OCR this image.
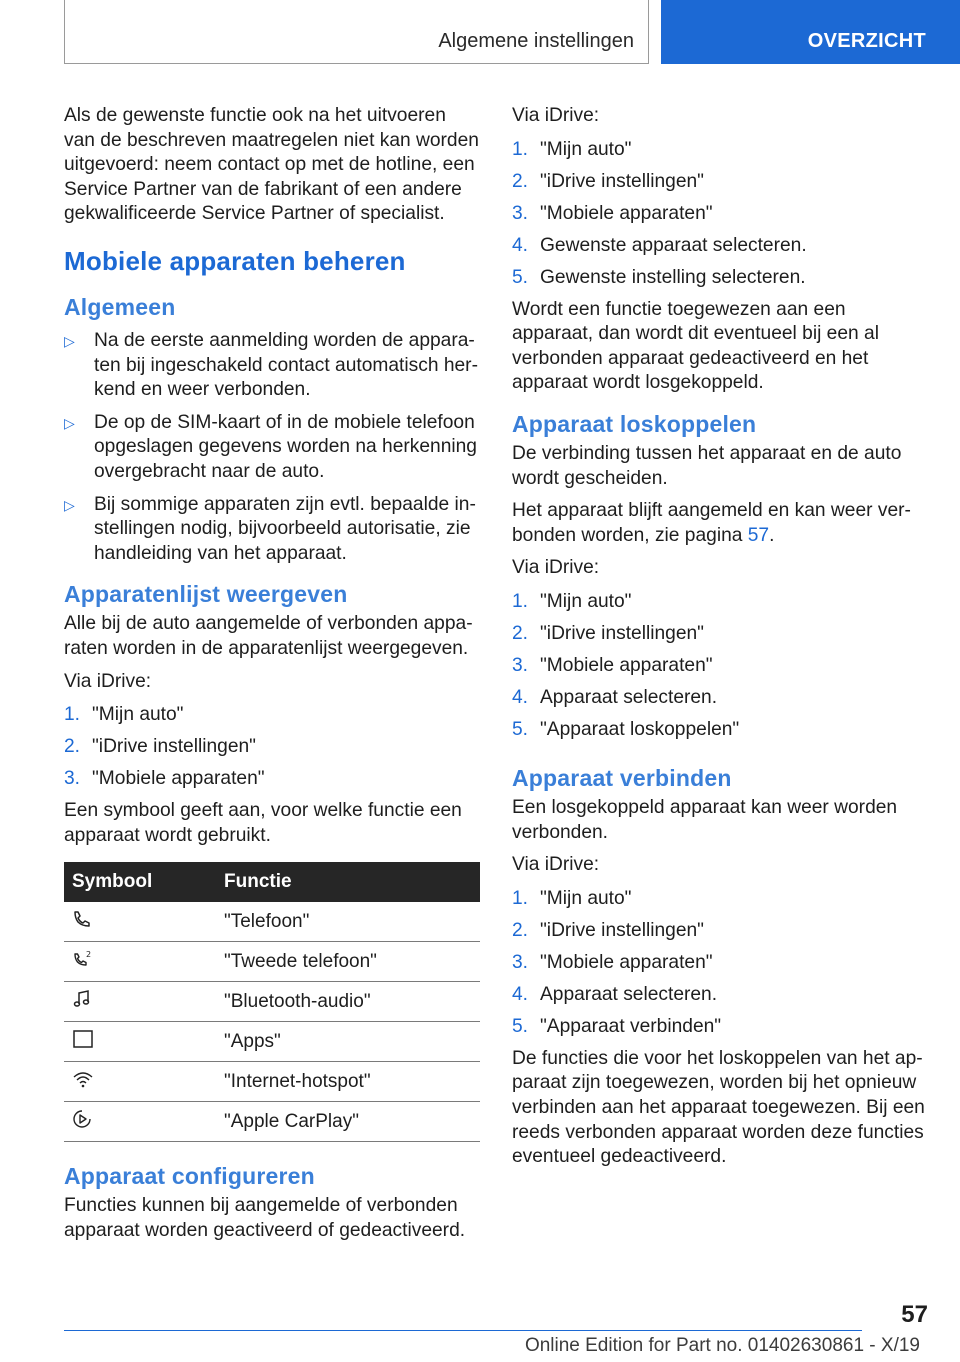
Algemene instellingen	OVERZICHT

Als de gewenste functie ook na het uitvoeren van de beschreven maatregelen niet kan worden uitgevoerd: neem contact op met de hotline, een Service Partner van de fabrikant of een andere gekwalificeerde Service Partner of specialist.

Mobiele apparaten beheren
Algemeen
▷ Na de eerste aanmelding worden de apparaten bij ingeschakeld contact automatisch herkend en weer verbonden.
▷ De op de SIM-kaart of in de mobiele telefoon opgeslagen gegevens worden na herkenning overgebracht naar de auto.
▷ Bij sommige apparaten zijn evtl. bepaalde instellingen nodig, bijvoorbeeld autorisatie, zie handleiding van het apparaat.
Apparatenlijst weergeven

Alle bij de auto aangemelde of verbonden apparaten worden in de apparatenlijst weergegeven.

Via iDrive:

1. "Mijn auto"
2. "iDrive instellingen"
3. "Mobiele apparaten"

Een symbool geeft aan, voor welke functie een apparaat wordt gebruikt.

Symbool	Functie
	"Telefoon"

2	"Tweede telefoon"
	"Bluetooth-audio"
	"Apps"
	"Internet-hotspot"
	"Apple CarPlay"
Apparaat configureren

Functies kunnen bij aangemelde of verbonden apparaat worden geactiveerd of gedeactiveerd.

Via iDrive:

1. "Mijn auto"
2. "iDrive instellingen"
3. "Mobiele apparaten"
4. Gewenste apparaat selecteren.
5. Gewenste instelling selecteren.

Wordt een functie toegewezen aan een apparaat, dan wordt dit eventueel bij een al verbonden apparaat gedeactiveerd en het apparaat wordt losgekoppeld.

Apparaat loskoppelen

De verbinding tussen het apparaat en de auto wordt gescheiden.

Het apparaat blijft aangemeld en kan weer verbonden worden, zie pagina 57.

Via iDrive:

1. "Mijn auto"
2. "iDrive instellingen"
3. "Mobiele apparaten"
4. Apparaat selecteren.
5. "Apparaat loskoppelen"
Apparaat verbinden

Een losgekoppeld apparaat kan weer worden verbonden.

Via iDrive:

1. "Mijn auto"
2. "iDrive instellingen"
3. "Mobiele apparaten"
4. Apparaat selecteren.
5. "Apparaat verbinden"

De functies die voor het loskoppelen van het apparaat zijn toegewezen, worden bij het opnieuw verbinden aan het apparaat toegewezen. Bij een reeds verbonden apparaat worden deze functies eventueel gedeactiveerd.

57
Online Edition for Part no. 01402630861 - X/19
